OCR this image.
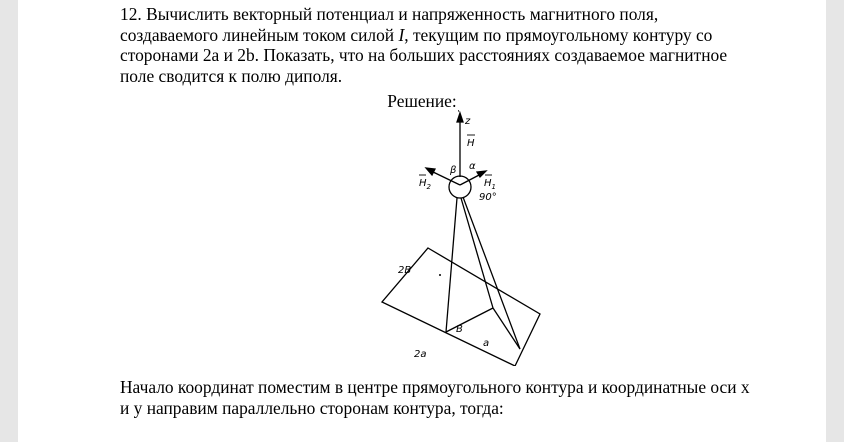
12. Вычислить векторный потенциал и напряженность магнитного поля, создаваемого линейным током силой I, текущим по прямоугольному контуру со сторонами 2a и 2b. Показать, что на больших расстояниях создаваемое магнитное поле сводится к полю диполя.

Решение:
z
H
α
β
$H_2$	$H_1$
90°
2B
B
a
2a

Начало координат поместим в центре прямоугольного контура и координатные оси x и y направим параллельно сторонам контура, тогда:
